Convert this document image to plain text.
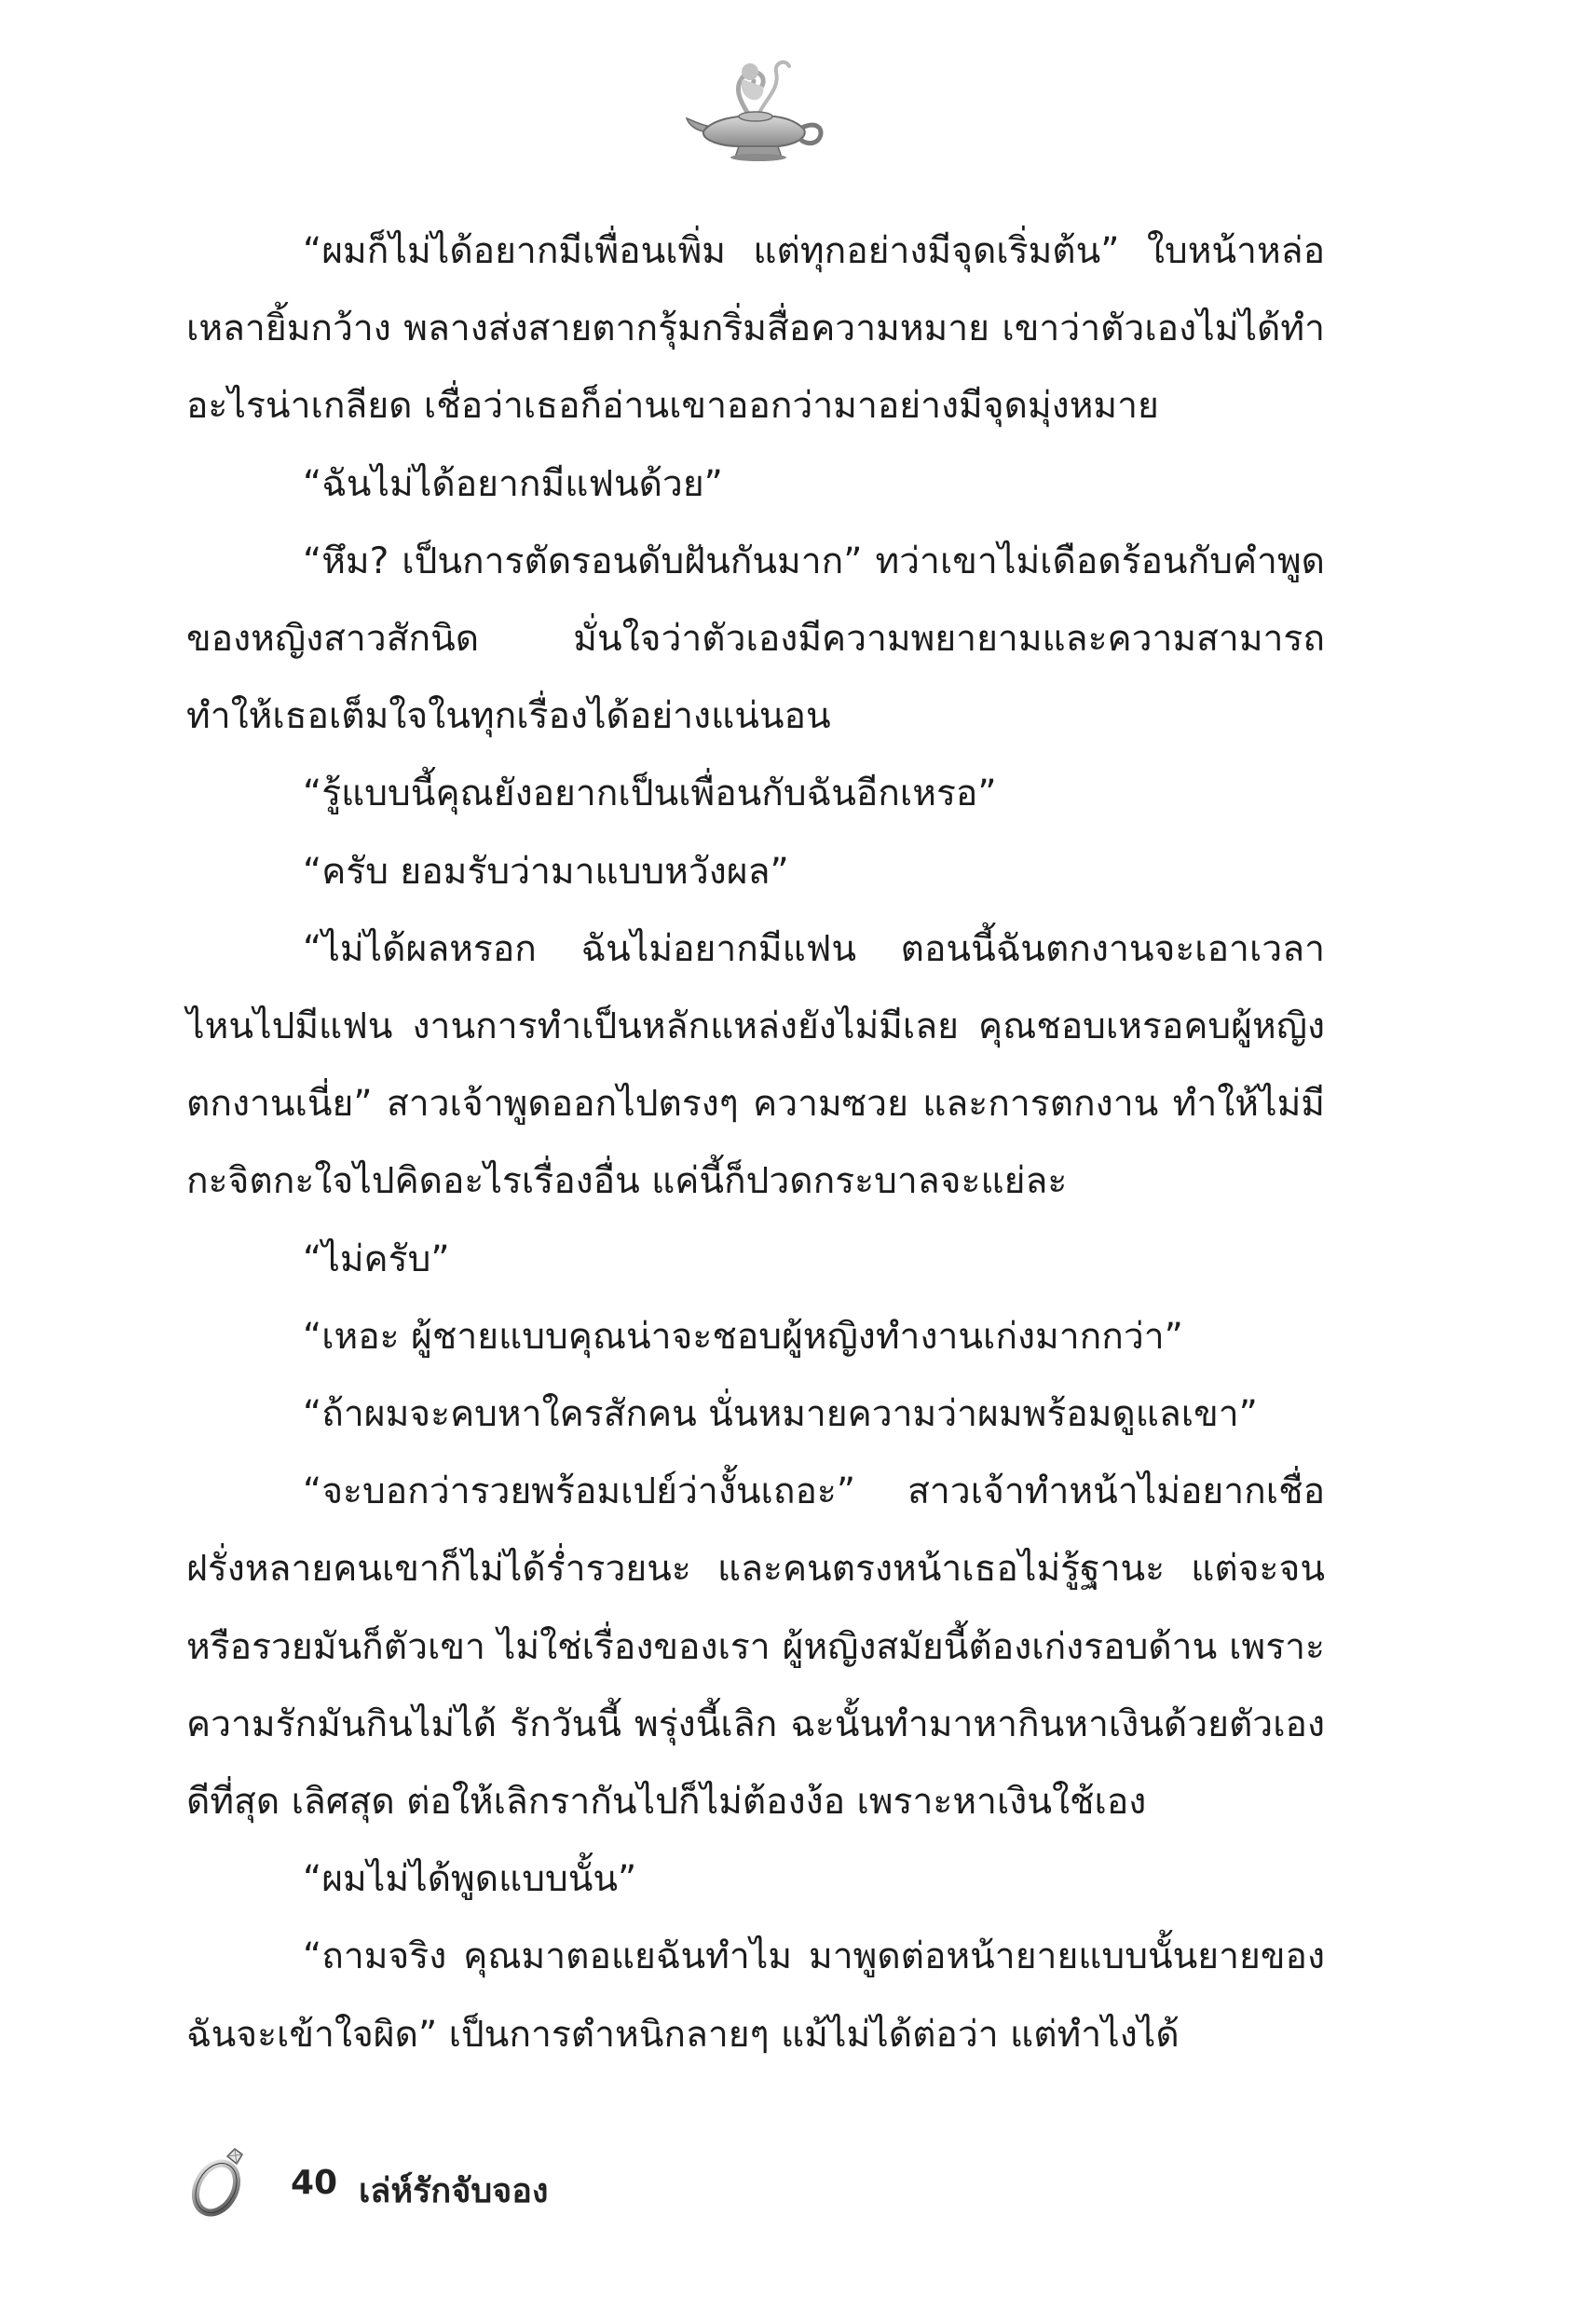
“ผมก็ไม่ได้อยากมีเพื่อนเพิ่ม แต่ทุกอย่างมีจุดเริ่มต้น” ใบหน้าหล่อเหลายิ้มกว้าง พลางส่งสายตากรุ้มกริ่มสื่อความหมาย เขาว่าตัวเองไม่ได้ทำอะไรน่าเกลียด เชื่อว่าเธอก็อ่านเขาออกว่ามาอย่างมีจุดมุ่งหมาย

“ฉันไม่ได้อยากมีแฟนด้วย”

“หึม? เป็นการตัดรอนดับฝันกันมาก” ทว่าเขาไม่เดือดร้อนกับคำพูดของหญิงสาวสักนิด มั่นใจว่าตัวเองมีความพยายามและความสามารถทำให้เธอเต็มใจในทุกเรื่องได้อย่างแน่นอน

“รู้แบบนี้คุณยังอยากเป็นเพื่อนกับฉันอีกเหรอ”

“ครับ ยอมรับว่ามาแบบหวังผล”

“ไม่ได้ผลหรอก ฉันไม่อยากมีแฟน ตอนนี้ฉันตกงานจะเอาเวลาไหนไปมีแฟน งานการทำเป็นหลักแหล่งยังไม่มีเลย คุณชอบเหรอคบผู้หญิงตกงานเนี่ย” สาวเจ้าพูดออกไปตรงๆ ความซวย และการตกงาน ทำให้ไม่มีกะจิตกะใจไปคิดอะไรเรื่องอื่น แค่นี้ก็ปวดกระบาลจะแย่ละ

“ไม่ครับ”

“เหอะ ผู้ชายแบบคุณน่าจะชอบผู้หญิงทำงานเก่งมากกว่า”

“ถ้าผมจะคบหาใครสักคน นั่นหมายความว่าผมพร้อมดูแลเขา”

“จะบอกว่ารวยพร้อมเปย์ว่างั้นเถอะ” สาวเจ้าทำหน้าไม่อยากเชื่อ ฝรั่งหลายคนเขาก็ไม่ได้ร่ำรวยนะ และคนตรงหน้าเธอไม่รู้ฐานะ แต่จะจนหรือรวยมันก็ตัวเขา ไม่ใช่เรื่องของเรา ผู้หญิงสมัยนี้ต้องเก่งรอบด้าน เพราะความรักมันกินไม่ได้ รักวันนี้ พรุ่งนี้เลิก ฉะนั้นทำมาหากินหาเงินด้วยตัวเองดีที่สุด เลิศสุด ต่อให้เลิกรากันไปก็ไม่ต้องง้อ เพราะหาเงินใช้เอง

“ผมไม่ได้พูดแบบนั้น”

“ถามจริง คุณมาตอแยฉันทำไม มาพูดต่อหน้ายายแบบนั้นยายของฉันจะเข้าใจผิด” เป็นการตำหนิกลายๆ แม้ไม่ได้ต่อว่า แต่ทำไงได้

40 เล่ห์รักจับจอง
